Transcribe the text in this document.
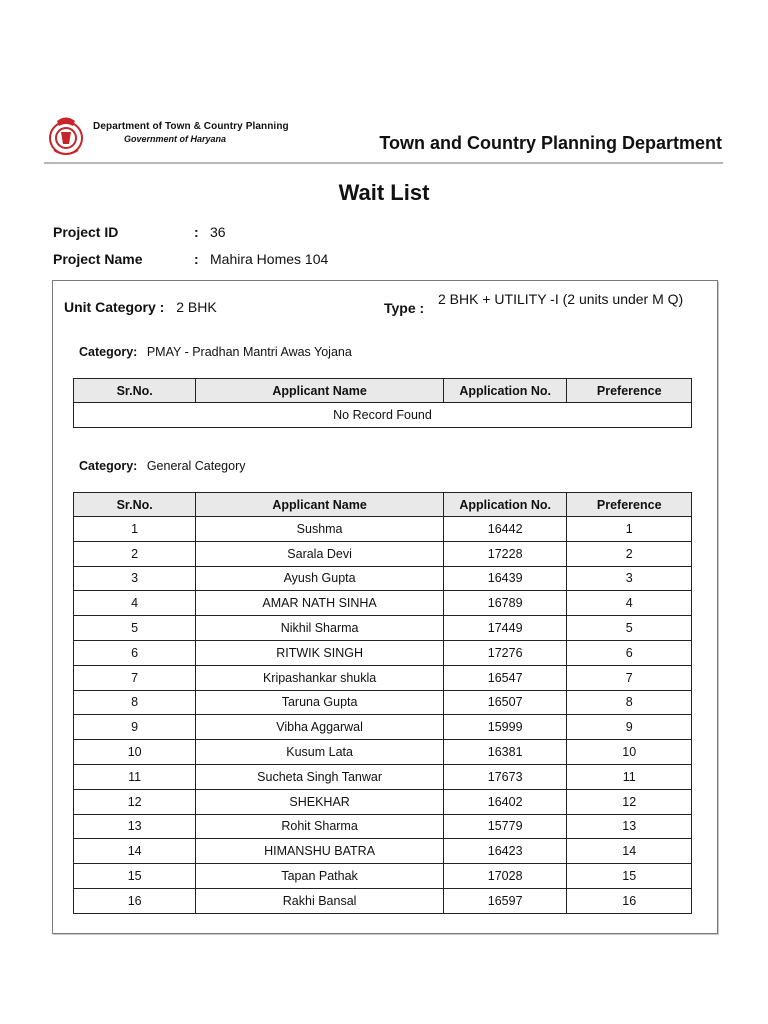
Department of Town & Country Planning
Government of Haryana	Town and Country Planning Department
Wait List
Project ID	: 36
Project Name	: Mahira Homes 104
Unit Category : 2 BHK	Type :
2 BHK + UTILITY -I (2 units under M Q)
Category: PMAY - Pradhan Mantri Awas Yojana
Sr.No.	Applicant Name	Application No.	Preference
No Record Found
Category: General Category
Sr.No.	Applicant Name	Application No.	Preference
1	Sushma	16442	1
2	Sarala Devi	17228	2
3	Ayush Gupta	16439	3
4	AMAR NATH SINHA	16789	4
5	Nikhil Sharma	17449	5
6	RITWIK SINGH	17276	6
7	Kripashankar shukla	16547	7
8	Taruna Gupta	16507	8
9	Vibha Aggarwal	15999	9
10	Kusum Lata	16381	10
11	Sucheta Singh Tanwar	17673	11
12	SHEKHAR	16402	12
13	Rohit Sharma	15779	13
14	HIMANSHU BATRA	16423	14
15	Tapan Pathak	17028	15
16	Rakhi Bansal	16597	16
